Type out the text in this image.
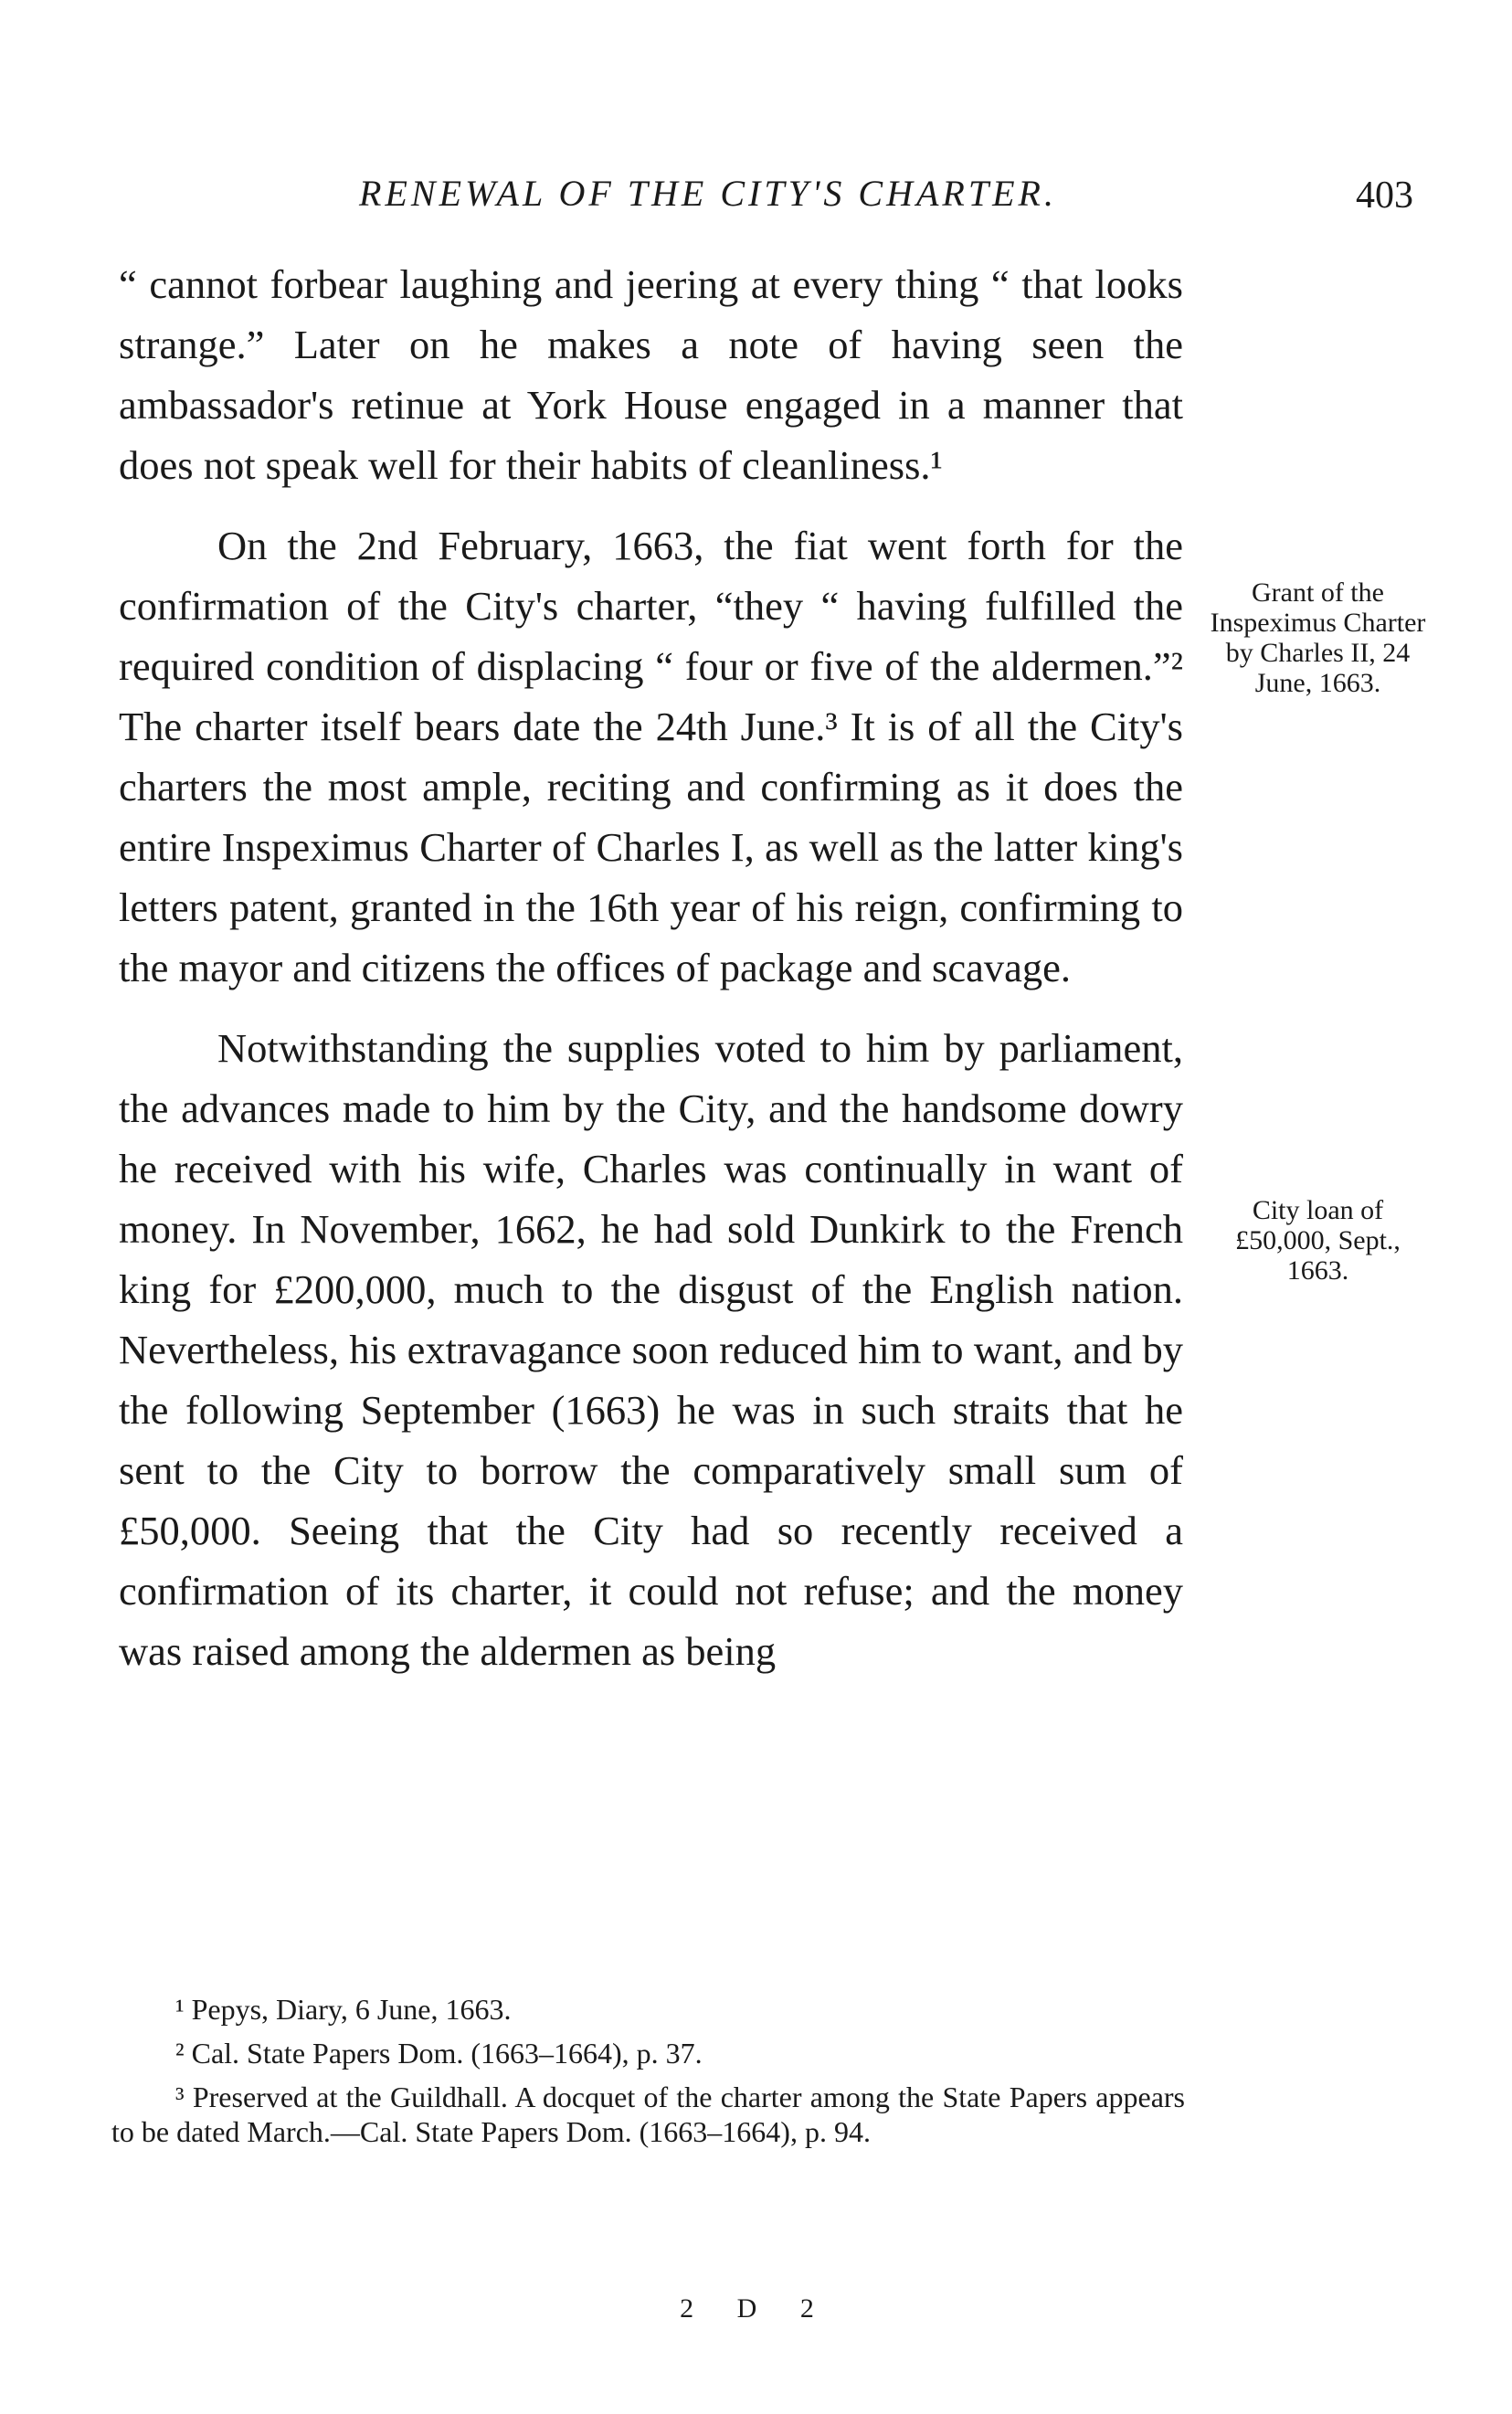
RENEWAL OF THE CITY'S CHARTER.	403

“ cannot forbear laughing and jeering at every thing “ that looks strange.” Later on he makes a note of having seen the ambassador's retinue at York House engaged in a manner that does not speak well for their habits of cleanliness.¹

On the 2nd February, 1663, the fiat went forth for the confirmation of the City's charter, “they “ having fulfilled the required condition of displacing “ four or five of the aldermen.”² The charter itself bears date the 24th June.³ It is of all the City's charters the most ample, reciting and confirming as it does the entire Inspeximus Charter of Charles I, as well as the latter king's letters patent, granted in the 16th year of his reign, confirming to the mayor and citizens the offices of package and scavage.

Notwithstanding the supplies voted to him by parliament, the advances made to him by the City, and the handsome dowry he received with his wife, Charles was continually in want of money. In November, 1662, he had sold Dunkirk to the French king for £200,000, much to the disgust of the English nation. Nevertheless, his extravagance soon reduced him to want, and by the following September (1663) he was in such straits that he sent to the City to borrow the comparatively small sum of £50,000. Seeing that the City had so recently received a confirmation of its charter, it could not refuse; and the money was raised among the aldermen as being

Grant of the Inspeximus Charter by Charles II, 24 June, 1663.
City loan of £50,000, Sept., 1663.

¹ Pepys, Diary, 6 June, 1663.

² Cal. State Papers Dom. (1663–1664), p. 37.

³ Preserved at the Guildhall. A docquet of the charter among the State Papers appears to be dated March.—Cal. State Papers Dom. (1663–1664), p. 94.

2 D 2
